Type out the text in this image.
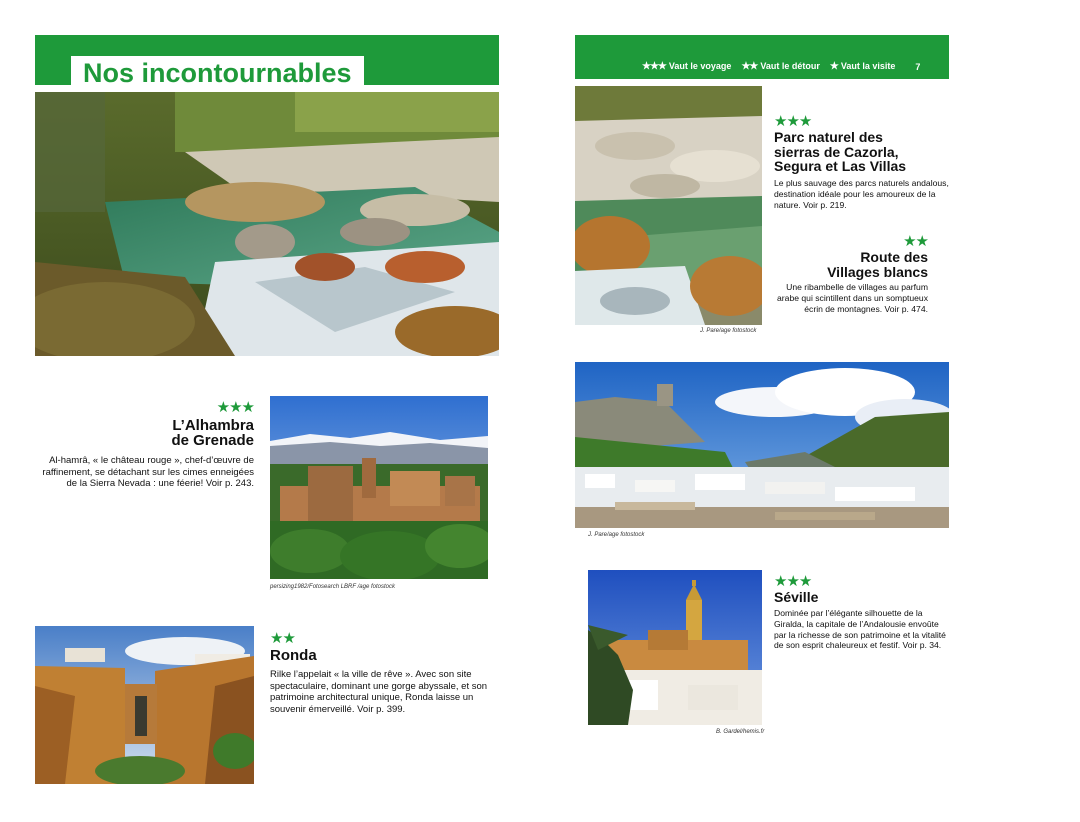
Nos incontournables
★★★
L’Alhambra
de Grenade
Al-hamrâ, « le château rouge », chef-d’œuvre de raffinement, se détachant sur les cimes enneigées de la Sierra Nevada : une féerie! Voir p. 243.
persizing1982/Fotosearch LBRF /age fotostock
★★
Ronda
Rilke l’appelait « la ville de rêve ». Avec son site spectaculaire, dominant une gorge abyssale, et son patrimoine architectural unique, Ronda laisse un souvenir émerveillé. Voir p. 399.
★★★ Vaut le voyage ★★ Vaut le détour ★ Vaut la visite 7
J. Pare/age fotostock
★★★
Parc naturel des
sierras de Cazorla,
Segura et Las Villas
Le plus sauvage des parcs naturels andalous, destination idéale pour les amoureux de la nature. Voir p. 219.
★★
Route des
Villages blancs
Une ribambelle de villages au parfum arabe qui scintillent dans un somptueux écrin de montagnes. Voir p. 474.
J. Pare/age fotostock
B. Gardel/hemis.fr
★★★
Séville
Dominée par l’élégante silhouette de la Giralda, la capitale de l’Andalousie envoûte par la richesse de son patrimoine et la vitalité de son esprit chaleureux et festif. Voir p. 34.
